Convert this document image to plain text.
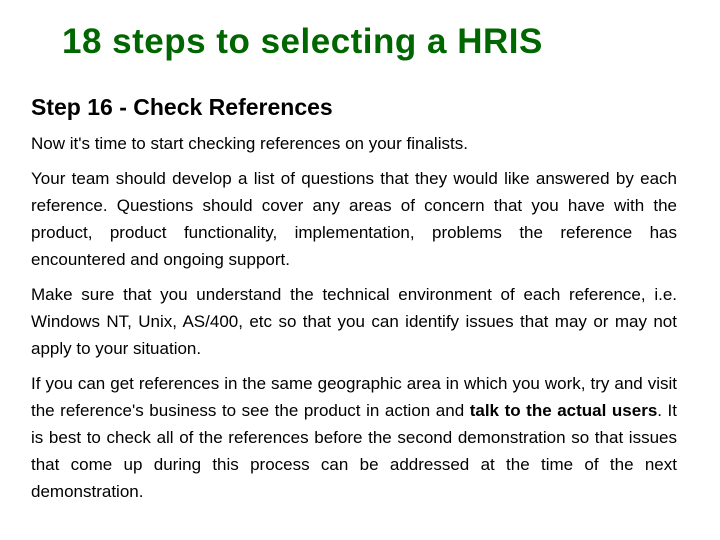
18 steps to selecting a HRIS
Step 16 - Check References

Now it's time to start checking references on your finalists.

Your team should develop a list of questions that they would like answered by each reference. Questions should cover any areas of concern that you have with the product, product functionality, implementation, problems the reference has encountered and ongoing support.

Make sure that you understand the technical environment of each reference, i.e. Windows NT, Unix, AS/400, etc so that you can identify issues that may or may not apply to your situation.

If you can get references in the same geographic area in which you work, try and visit the reference's business to see the product in action and talk to the actual users. It is best to check all of the references before the second demonstration so that issues that come up during this process can be addressed at the time of the next demonstration.
